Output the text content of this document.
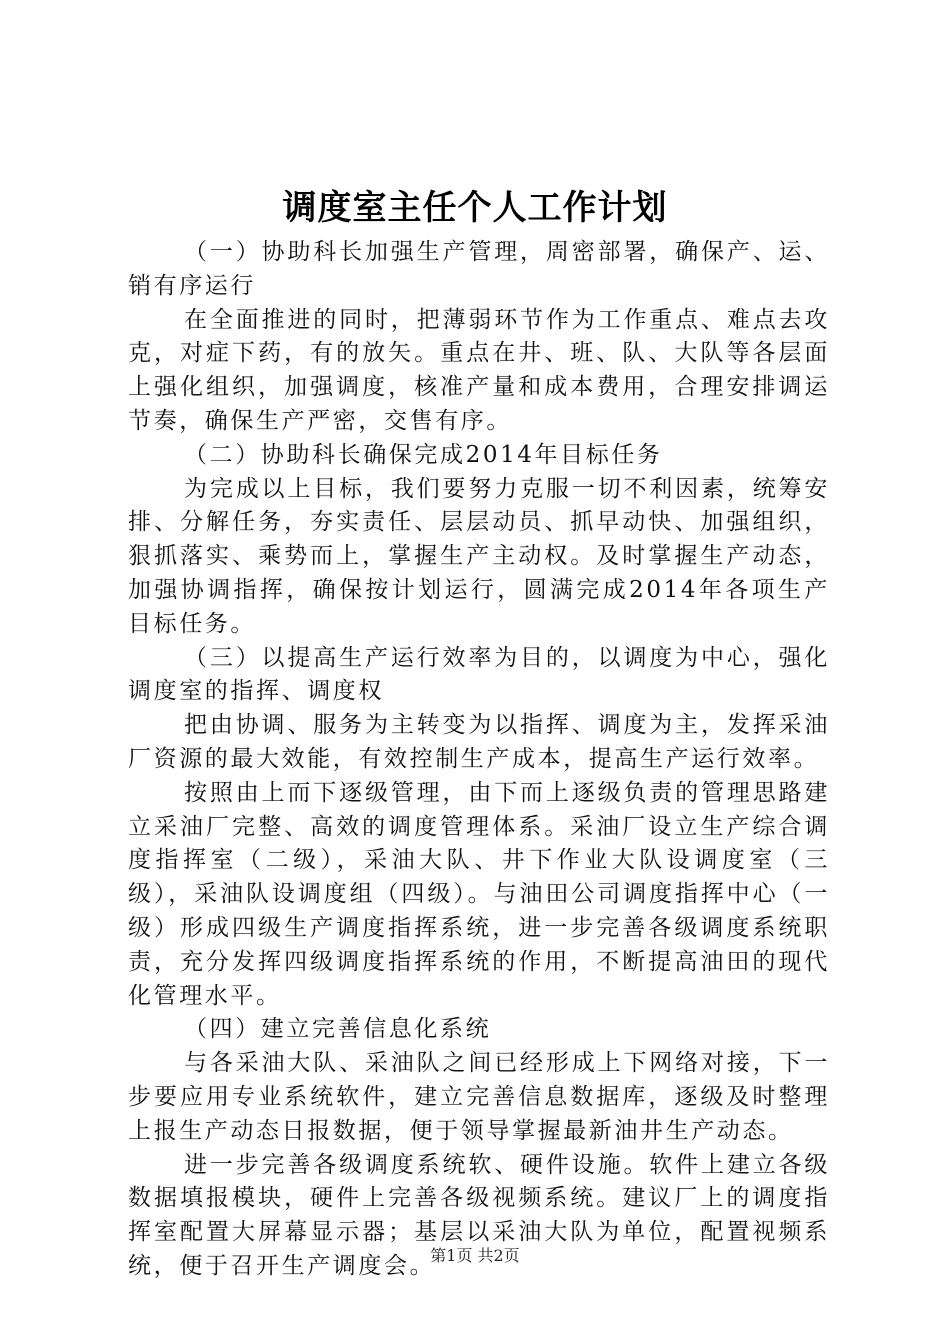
调度室主任个人工作计划

（一）协助科长加强生产管理，周密部署，确保产、运、销有序运行

在全面推进的同时，把薄弱环节作为工作重点、难点去攻克，对症下药，有的放矢。重点在井、班、队、大队等各层面上强化组织，加强调度，核准产量和成本费用，合理安排调运节奏，确保生产严密，交售有序。

（二）协助科长确保完成2014年目标任务

为完成以上目标，我们要努力克服一切不利因素，统筹安排、分解任务，夯实责任、层层动员、抓早动快、加强组织，狠抓落实、乘势而上，掌握生产主动权。及时掌握生产动态，加强协调指挥，确保按计划运行，圆满完成2014年各项生产目标任务。

（三）以提高生产运行效率为目的，以调度为中心，强化调度室的指挥、调度权

把由协调、服务为主转变为以指挥、调度为主，发挥采油厂资源的最大效能，有效控制生产成本，提高生产运行效率。

按照由上而下逐级管理，由下而上逐级负责的管理思路建立采油厂完整、高效的调度管理体系。采油厂设立生产综合调度指挥室（二级），采油大队、井下作业大队设调度室（三级），采油队设调度组（四级）。与油田公司调度指挥中心（一级）形成四级生产调度指挥系统，进一步完善各级调度系统职责，充分发挥四级调度指挥系统的作用，不断提高油田的现代化管理水平。

（四）建立完善信息化系统

与各采油大队、采油队之间已经形成上下网络对接，下一步要应用专业系统软件，建立完善信息数据库，逐级及时整理上报生产动态日报数据，便于领导掌握最新油井生产动态。

进一步完善各级调度系统软、硬件设施。软件上建立各级数据填报模块，硬件上完善各级视频系统。建议厂上的调度指挥室配置大屏幕显示器；基层以采油大队为单位，配置视频系统，便于召开生产调度会。

第1页 共2页
